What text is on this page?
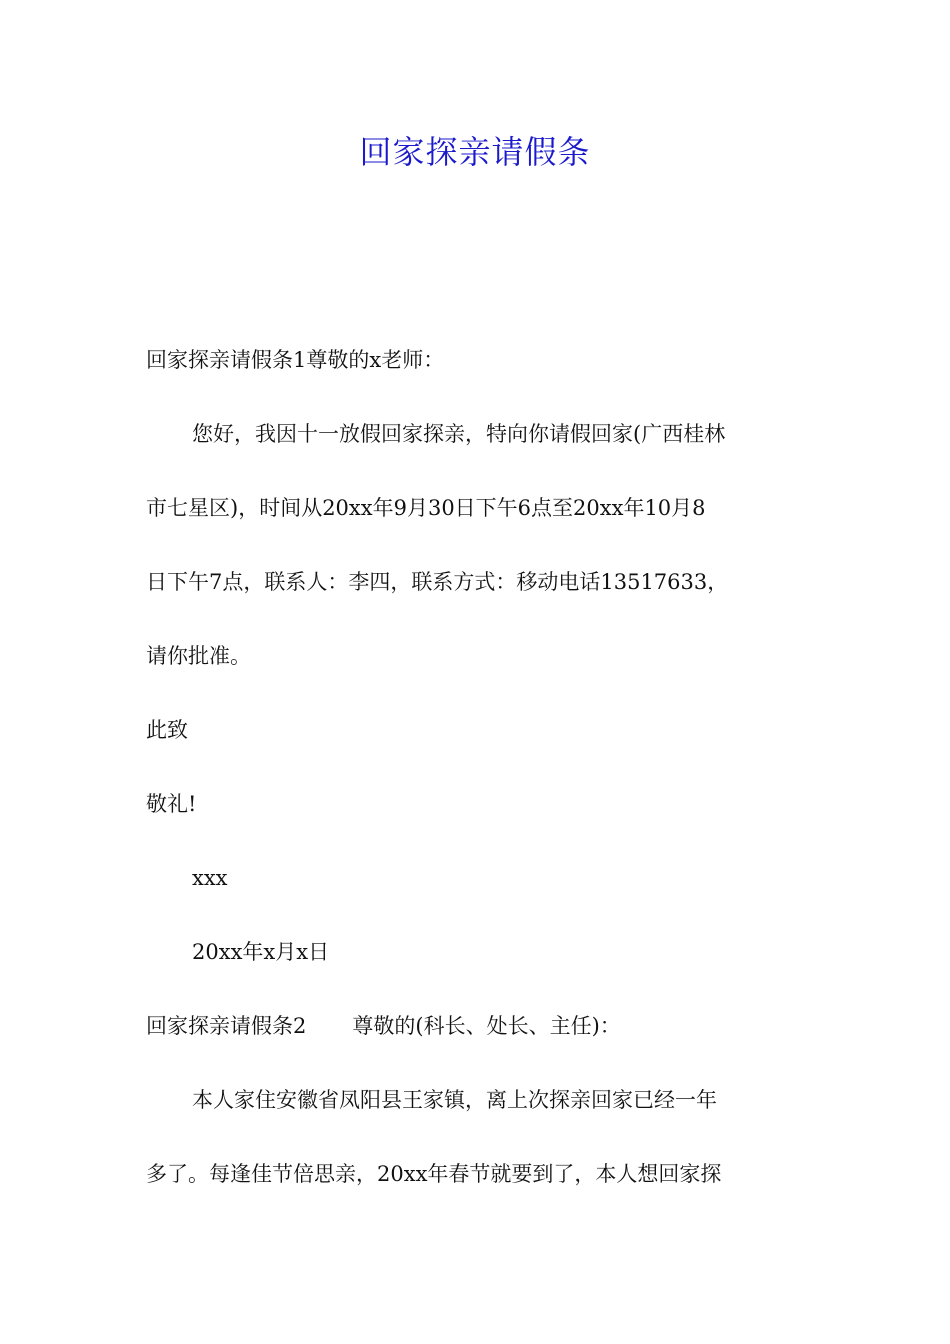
回家探亲请假条
回家探亲请假条1尊敬的x老师：
您好，我因十一放假回家探亲，特向你请假回家(广西桂林
市七星区)，时间从20xx年9月30日下午6点至20xx年10月8
日下午7点，联系人：李四，联系方式：移动电话13517633，
请你批准。
此致
敬礼!
xxx
20xx年x月x日
回家探亲请假条2 尊敬的(科长、处长、主任)：
本人家住安徽省凤阳县王家镇，离上次探亲回家已经一年
多了。每逢佳节倍思亲，20xx年春节就要到了，本人想回家探
